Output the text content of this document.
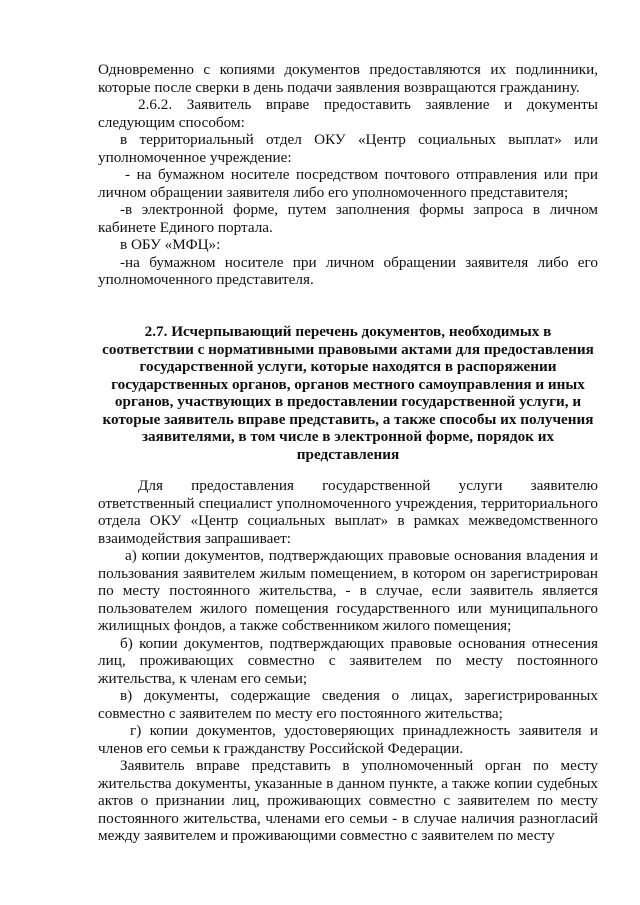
Одновременно с копиями документов предоставляются их подлинники, которые после сверки в день подачи заявления возвращаются гражданину.

2.6.2. Заявитель вправе предоставить заявление и документы следующим способом:

в территориальный отдел ОКУ «Центр социальных выплат» или уполномоченное учреждение:

- на бумажном носителе посредством почтового отправления или при личном обращении заявителя либо его уполномоченного представителя;

-в электронной форме, путем заполнения формы запроса в личном кабинете Единого портала.

в ОБУ «МФЦ»:

-на бумажном носителе при личном обращении заявителя либо его уполномоченного представителя.

2.7. Исчерпывающий перечень документов, необходимых в соответствии с нормативными правовыми актами для предоставления государственной услуги, которые находятся в распоряжении государственных органов, органов местного самоуправления и иных органов, участвующих в предоставлении государственной услуги, и которые заявитель вправе представить, а также способы их получения заявителями, в том числе в электронной форме, порядок их представления

Для предоставления государственной услуги заявителю ответственный специалист уполномоченного учреждения, территориального отдела ОКУ «Центр социальных выплат» в рамках межведомственного взаимодействия запрашивает:

а) копии документов, подтверждающих правовые основания владения и пользования заявителем жилым помещением, в котором он зарегистрирован по месту постоянного жительства, - в случае, если заявитель является пользователем жилого помещения государственного или муниципального жилищных фондов, а также собственником жилого помещения;

б) копии документов, подтверждающих правовые основания отнесения лиц, проживающих совместно с заявителем по месту постоянного жительства, к членам его семьи;

в) документы, содержащие сведения о лицах, зарегистрированных совместно с заявителем по месту его постоянного жительства;

г) копии документов, удостоверяющих принадлежность заявителя и членов его семьи к гражданству Российской Федерации.

Заявитель вправе представить в уполномоченный орган по месту жительства документы, указанные в данном пункте, а также копии судебных актов о признании лиц, проживающих совместно с заявителем по месту постоянного жительства, членами его семьи - в случае наличия разногласий между заявителем и проживающими совместно с заявителем по месту
